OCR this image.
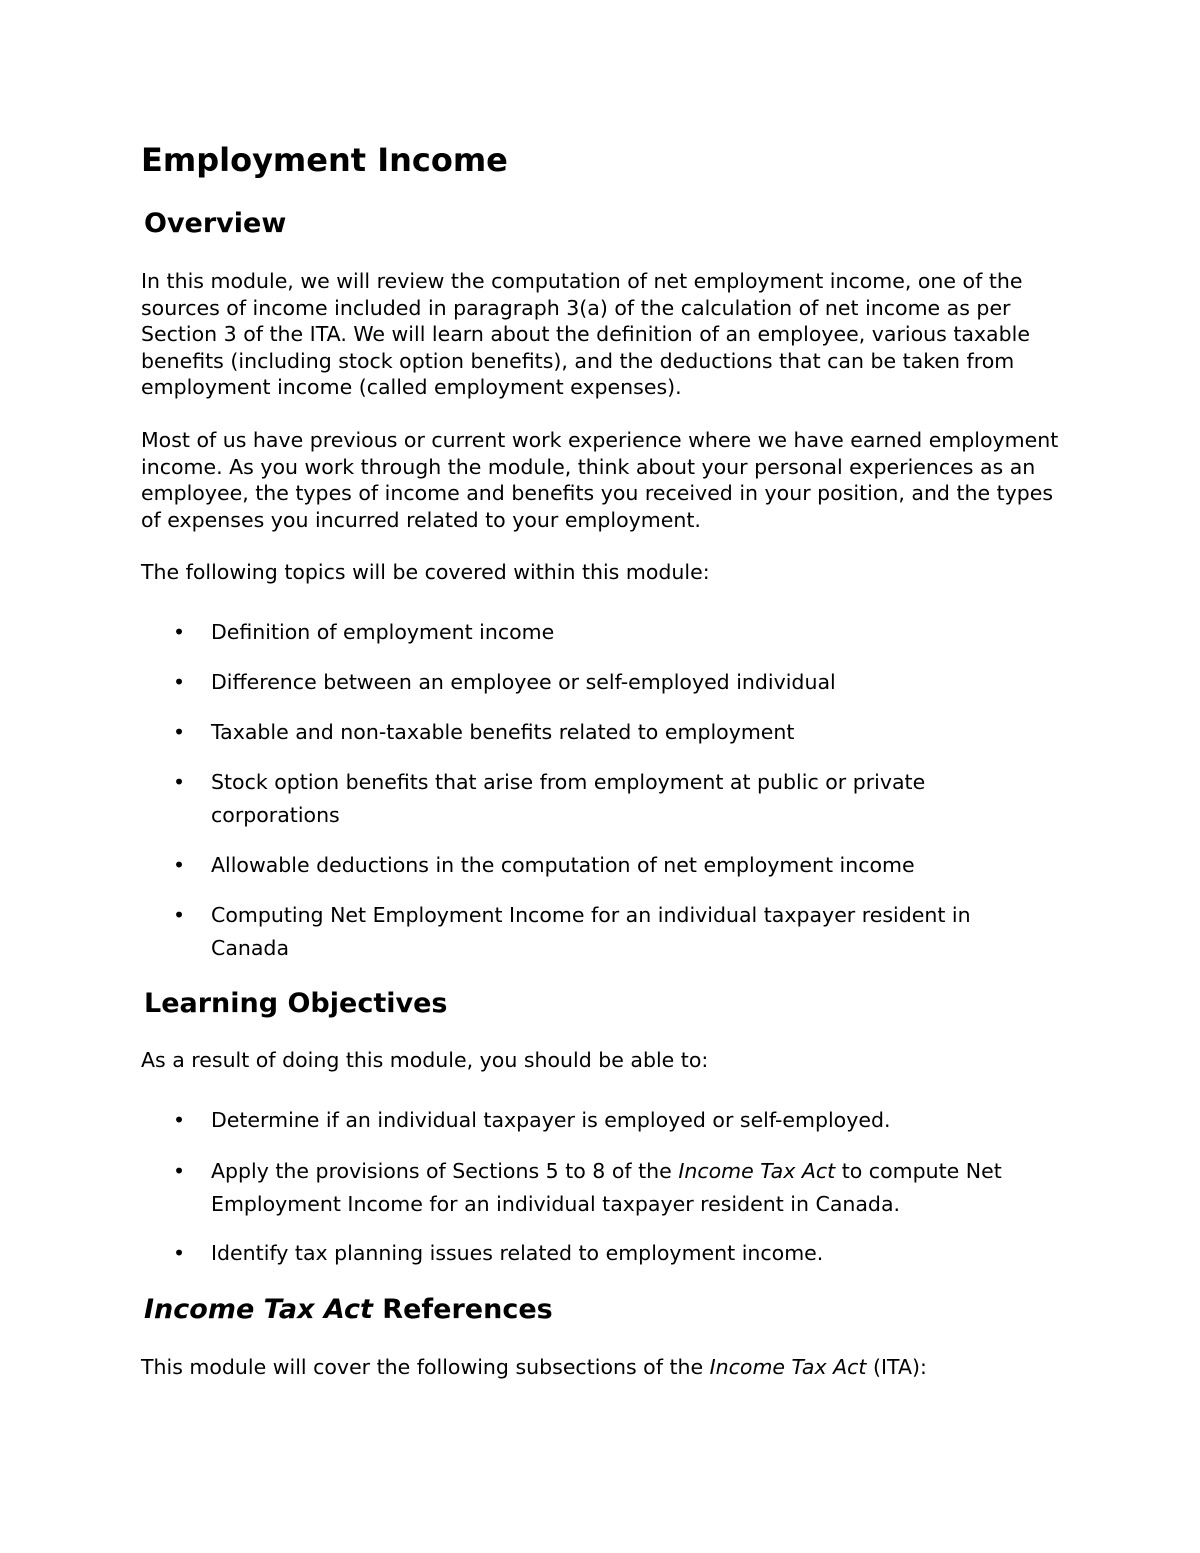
Employment Income
Overview

In this module, we will review the computation of net employment income, one of the sources of income included in paragraph 3(a) of the calculation of net income as per Section 3 of the ITA. We will learn about the definition of an employee, various taxable benefits (including stock option benefits), and the deductions that can be taken from employment income (called employment expenses).

Most of us have previous or current work experience where we have earned employment income. As you work through the module, think about your personal experiences as an employee, the types of income and benefits you received in your position, and the types of expenses you incurred related to your employment.

The following topics will be covered within this module:

•	Definition of employment income
•	Difference between an employee or self-employed individual
•	Taxable and non-taxable benefits related to employment
•	Stock option benefits that arise from employment at public or private corporations
•	Allowable deductions in the computation of net employment income
•	Computing Net Employment Income for an individual taxpayer resident in Canada
Learning Objectives

As a result of doing this module, you should be able to:

•	Determine if an individual taxpayer is employed or self-employed.
•	Apply the provisions of Sections 5 to 8 of the Income Tax Act to compute Net Employment Income for an individual taxpayer resident in Canada.
•	Identify tax planning issues related to employment income.
Income Tax Act References

This module will cover the following subsections of the Income Tax Act (ITA):
